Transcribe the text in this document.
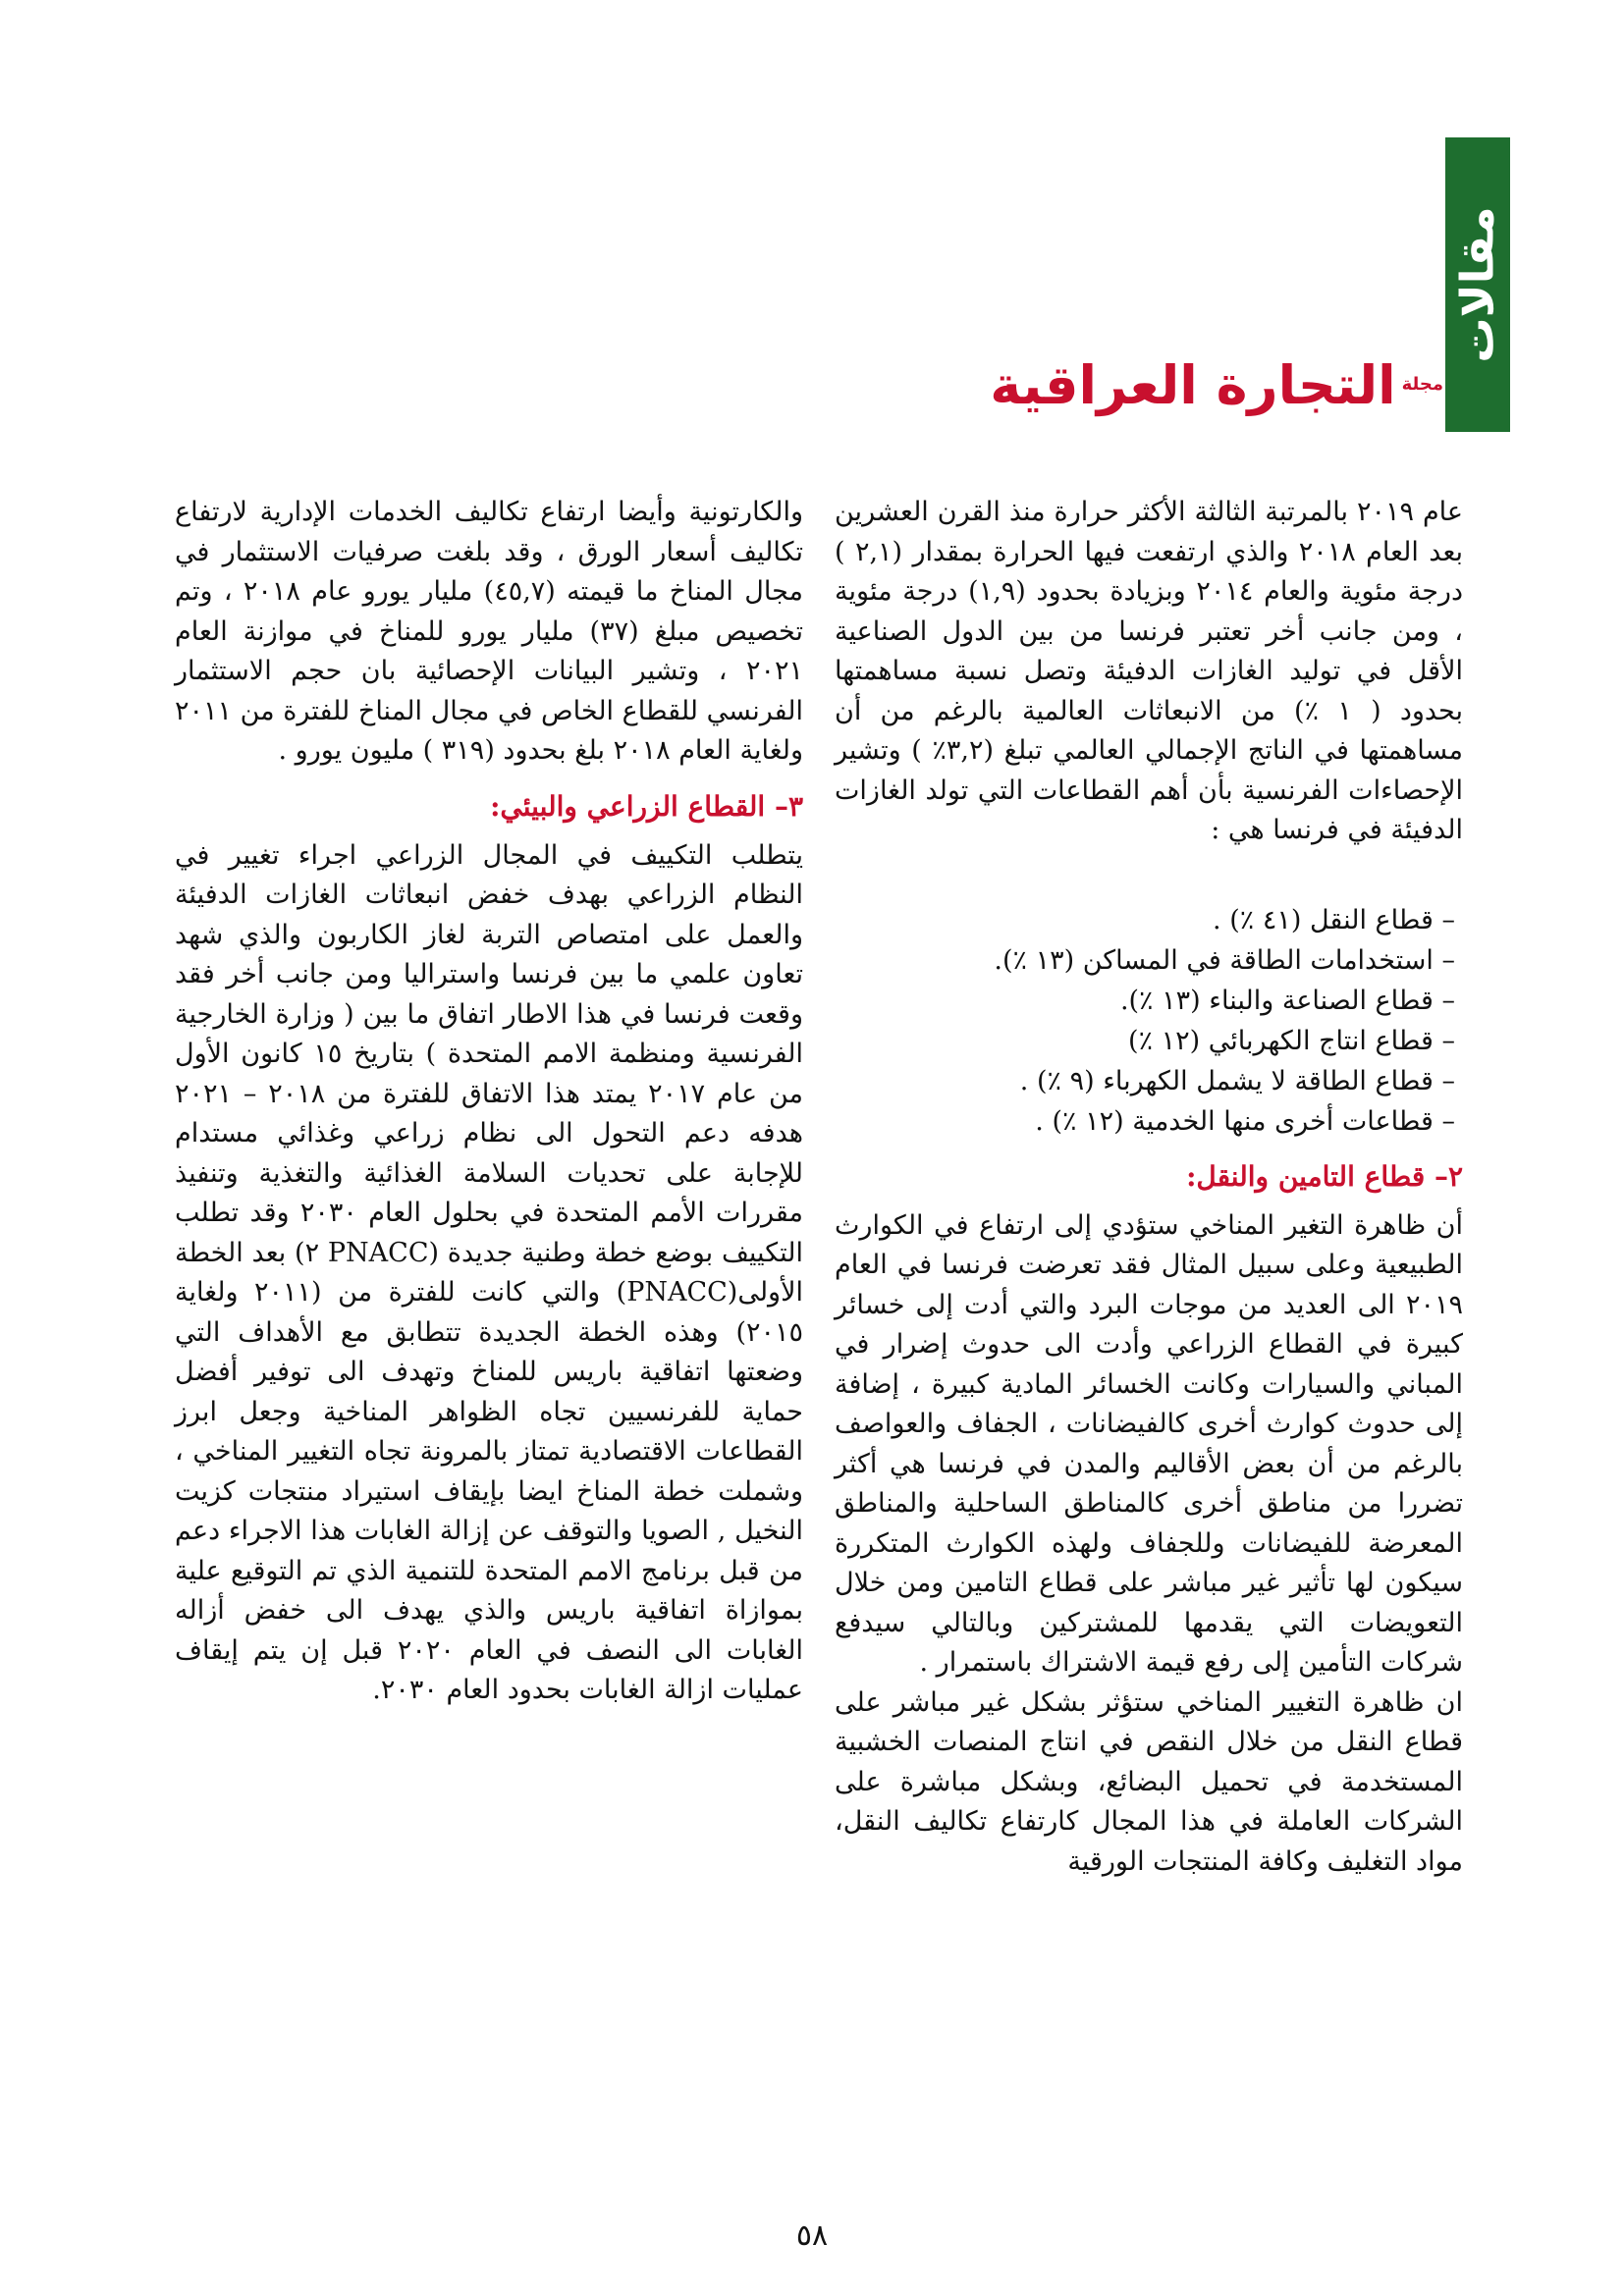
مقالات
مجلة
التجارة العراقية

عام ٢٠١٩ بالمرتبة الثالثة الأكثر حرارة منذ القرن العشرين بعد العام ٢٠١٨ والذي ارتفعت فيها الحرارة بمقدار (٢,١ ) درجة مئوية والعام ٢٠١٤ وبزيادة بحدود (١,٩) درجة مئوية ، ومن جانب أخر تعتبر فرنسا من بين الدول الصناعية الأقل في توليد الغازات الدفيئة وتصل نسبة مساهمتها بحدود ( ١ ٪) من الانبعاثات العالمية بالرغم من أن مساهمتها في الناتج الإجمالي العالمي تبلغ (٣,٢٪ ) وتشير الإحصاءات الفرنسية بأن أهم القطاعات التي تولد الغازات الدفيئة في فرنسا هي :

– قطاع النقل (٤١ ٪) .
– استخدامات الطاقة في المساكن (١٣ ٪).
– قطاع الصناعة والبناء (١٣ ٪).
– قطاع انتاج الكهربائي (١٢ ٪)
– قطاع الطاقة لا يشمل الكهرباء (٩ ٪) .
– قطاعات أخرى منها الخدمية (١٢ ٪) .

٢– قطاع التامين والنقل:

أن ظاهرة التغير المناخي ستؤدي إلى ارتفاع في الكوارث الطبيعية وعلى سبيل المثال فقد تعرضت فرنسا في العام ٢٠١٩ الى العديد من موجات البرد والتي أدت إلى خسائر كبيرة في القطاع الزراعي وأدت الى حدوث إضرار في المباني والسيارات وكانت الخسائر المادية كبيرة ، إضافة إلى حدوث كوارث أخرى كالفيضانات ، الجفاف والعواصف بالرغم من أن بعض الأقاليم والمدن في فرنسا هي أكثر تضررا من مناطق أخرى كالمناطق الساحلية والمناطق المعرضة للفيضانات وللجفاف ولهذه الكوارث المتكررة سيكون لها تأثير غير مباشر على قطاع التامين ومن خلال التعويضات التي يقدمها للمشتركين وبالتالي سيدفع شركات التأمين إلى رفع قيمة الاشتراك باستمرار .

ان ظاهرة التغيير المناخي ستؤثر بشكل غير مباشر على قطاع النقل من خلال النقص في انتاج المنصات الخشبية المستخدمة في تحميل البضائع، وبشكل مباشرة على الشركات العاملة في هذا المجال كارتفاع تكاليف النقل، مواد التغليف وكافة المنتجات الورقية

والكارتونية وأيضا ارتفاع تكاليف الخدمات الإدارية لارتفاع تكاليف أسعار الورق ، وقد بلغت صرفيات الاستثمار في مجال المناخ ما قيمته (٤٥,٧) مليار يورو عام ٢٠١٨ ، وتم تخصيص مبلغ (٣٧) مليار يورو للمناخ في موازنة العام ٢٠٢١ ، وتشير البيانات الإحصائية بان حجم الاستثمار الفرنسي للقطاع الخاص في مجال المناخ للفترة من ٢٠١١ ولغاية العام ٢٠١٨ بلغ بحدود (٣١٩ ) مليون يورو .

٣– القطاع الزراعي والبيئي:

يتطلب التكييف في المجال الزراعي اجراء تغيير في النظام الزراعي بهدف خفض انبعاثات الغازات الدفيئة والعمل على امتصاص التربة لغاز الكاربون والذي شهد تعاون علمي ما بين فرنسا واستراليا ومن جانب أخر فقد وقعت فرنسا في هذا الاطار اتفاق ما بين ( وزارة الخارجية الفرنسية ومنظمة الامم المتحدة ) بتاريخ ١٥ كانون الأول من عام ٢٠١٧ يمتد هذا الاتفاق للفترة من ٢٠١٨ – ٢٠٢١ هدفه دعم التحول الى نظام زراعي وغذائي مستدام للإجابة على تحديات السلامة الغذائية والتغذية وتنفيذ مقررات الأمم المتحدة في بحلول العام ٢٠٣٠ وقد تطلب التكييف بوضع خطة وطنية جديدة (PNACC ٢) بعد الخطة الأولى(PNACC) والتي كانت للفترة من (٢٠١١ ولغاية ٢٠١٥) وهذه الخطة الجديدة تتطابق مع الأهداف التي وضعتها اتفاقية باريس للمناخ وتهدف الى توفير أفضل حماية للفرنسيين تجاه الظواهر المناخية وجعل ابرز القطاعات الاقتصادية تمتاز بالمرونة تجاه التغيير المناخي ، وشملت خطة المناخ ايضا بإيقاف استيراد منتجات كزيت النخيل , الصويا والتوقف عن إزالة الغابات هذا الاجراء دعم من قبل برنامج الامم المتحدة للتنمية الذي تم التوقيع علية بموازاة اتفاقية باريس والذي يهدف الى خفض أزاله الغابات الى النصف في العام ٢٠٢٠ قبل إن يتم إيقاف عمليات ازالة الغابات بحدود العام ٢٠٣٠.

٥٨
